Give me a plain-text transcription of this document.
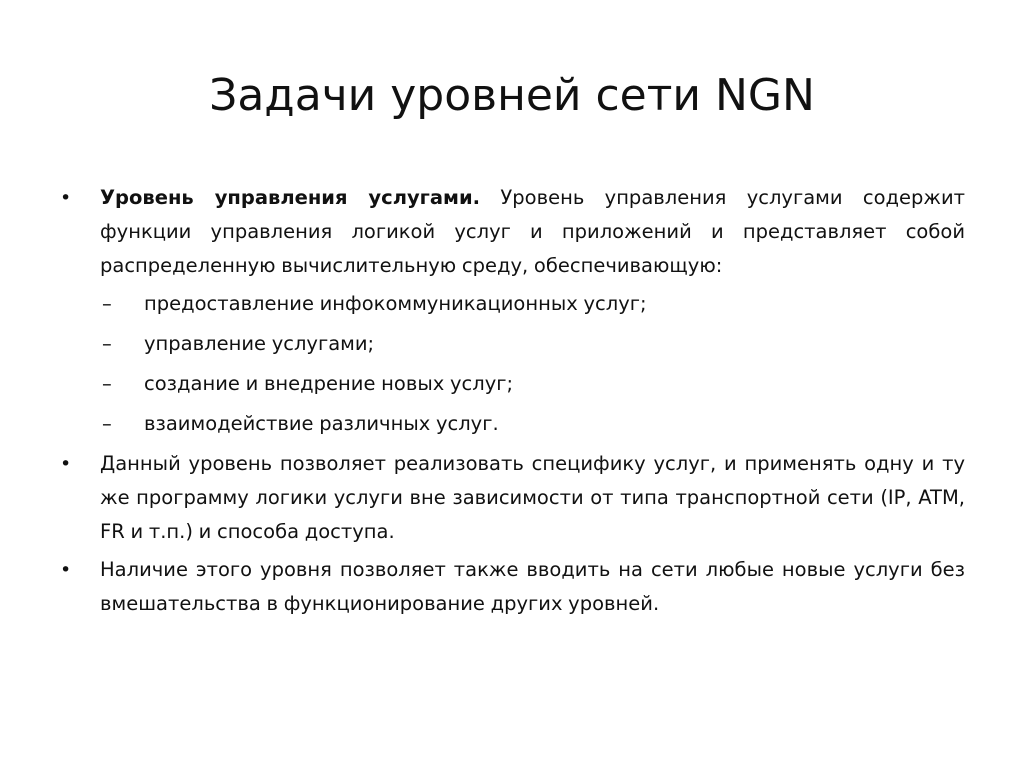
Задачи уровней сети NGN
• Уровень управления услугами. Уровень управления услугами содержит функции управления логикой услуг и приложений и представляет собой распределенную вычислительную среду, обеспечивающую:
–	предоставление инфокоммуникационных услуг;
–	управление услугами;
–	создание и внедрение новых услуг;
–	взаимодействие различных услуг.
• Данный уровень позволяет реализовать специфику услуг, и применять одну и ту же программу логики услуги вне зависимости от типа транспортной сети (IP, ATM, FR и т.п.) и способа доступа.
• Наличие этого уровня позволяет также вводить на сети любые новые услуги без вмешательства в функционирование других уровней.
